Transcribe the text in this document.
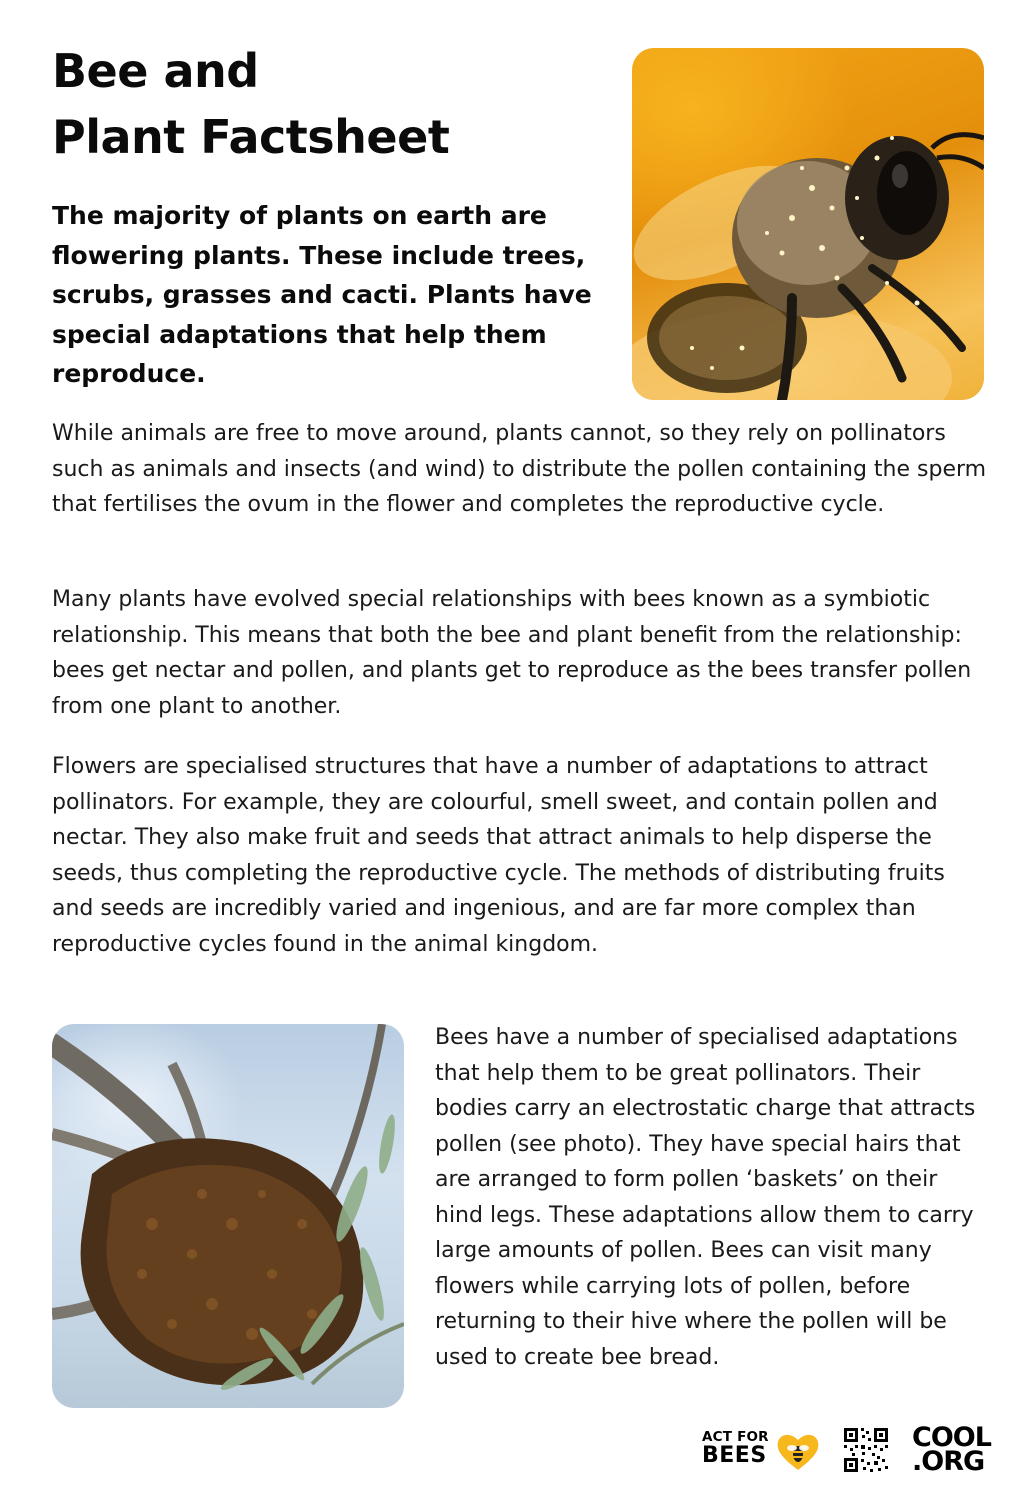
Bee and
Plant Factsheet

The majority of plants on earth are flowering plants. These include trees, scrubs, grasses and cacti. Plants have special adaptations that help them reproduce.

While animals are free to move around, plants cannot, so they rely on pollinators such as animals and insects (and wind) to distribute the pollen containing the sperm that fertilises the ovum in the flower and completes the reproductive cycle.

Many plants have evolved special relationships with bees known as a symbiotic relationship. This means that both the bee and plant benefit from the relationship: bees get nectar and pollen, and plants get to reproduce as the bees transfer pollen from one plant to another.

Flowers are specialised structures that have a number of adaptations to attract pollinators. For example, they are colourful, smell sweet, and contain pollen and nectar. They also make fruit and seeds that attract animals to help disperse the seeds, thus completing the reproductive cycle. The methods of distributing fruits and seeds are incredibly varied and ingenious, and are far more complex than reproductive cycles found in the animal kingdom.

Bees have a number of specialised adaptations that help them to be great pollinators. Their bodies carry an electrostatic charge that attracts pollen (see photo). They have special hairs that are arranged to form pollen ‘baskets’ on their hind legs. These adaptations allow them to carry large amounts of pollen. Bees can visit many flowers while carrying lots of pollen, before returning to their hive where the pollen will be used to create bee bread.

ACT FOR
BEES
COOL
.ORG
